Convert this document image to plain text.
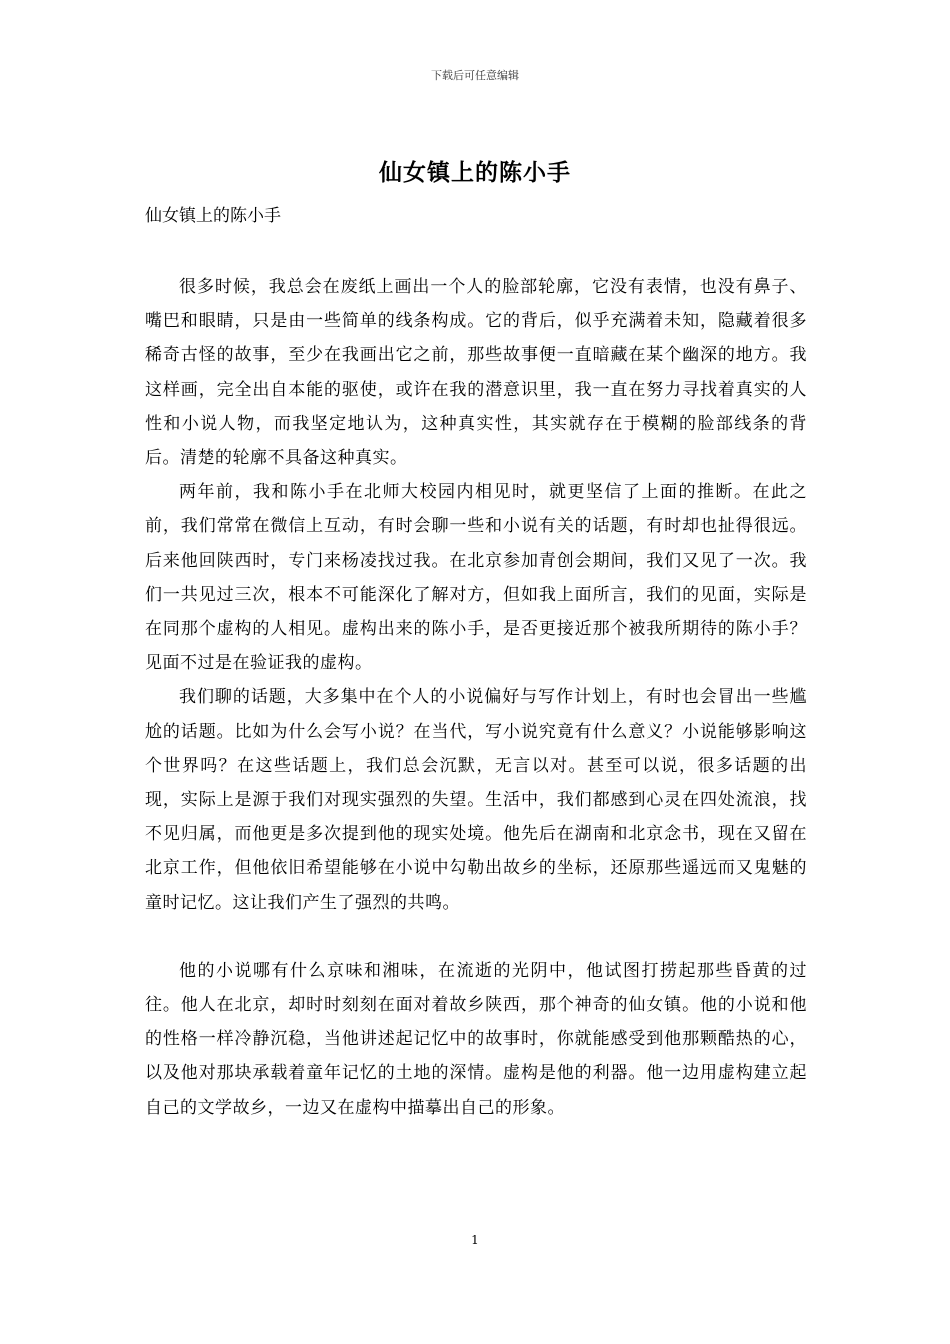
下载后可任意编辑
仙女镇上的陈小手
仙女镇上的陈小手

很多时候，我总会在废纸上画出一个人的脸部轮廓，它没有表情，也没有鼻子、嘴巴和眼睛，只是由一些简单的线条构成。它的背后，似乎充满着未知，隐藏着很多稀奇古怪的故事，至少在我画出它之前，那些故事便一直暗藏在某个幽深的地方。我这样画，完全出自本能的驱使，或许在我的潜意识里，我一直在努力寻找着真实的人性和小说人物，而我坚定地认为，这种真实性，其实就存在于模糊的脸部线条的背后。清楚的轮廓不具备这种真实。

两年前，我和陈小手在北师大校园内相见时，就更坚信了上面的推断。在此之前，我们常常在微信上互动，有时会聊一些和小说有关的话题，有时却也扯得很远。后来他回陕西时，专门来杨凌找过我。在北京参加青创会期间，我们又见了一次。我们一共见过三次，根本不可能深化了解对方，但如我上面所言，我们的见面，实际是在同那个虚构的人相见。虚构出来的陈小手，是否更接近那个被我所期待的陈小手？见面不过是在验证我的虚构。

我们聊的话题，大多集中在个人的小说偏好与写作计划上，有时也会冒出一些尴尬的话题。比如为什么会写小说？在当代，写小说究竟有什么意义？小说能够影响这个世界吗？在这些话题上，我们总会沉默，无言以对。甚至可以说，很多话题的出现，实际上是源于我们对现实强烈的失望。生活中，我们都感到心灵在四处流浪，找不见归属，而他更是多次提到他的现实处境。他先后在湖南和北京念书，现在又留在北京工作，但他依旧希望能够在小说中勾勒出故乡的坐标，还原那些遥远而又鬼魅的童时记忆。这让我们产生了强烈的共鸣。

他的小说哪有什么京味和湘味，在流逝的光阴中，他试图打捞起那些昏黄的过往。他人在北京，却时时刻刻在面对着故乡陕西，那个神奇的仙女镇。他的小说和他的性格一样冷静沉稳，当他讲述起记忆中的故事时，你就能感受到他那颗酷热的心，以及他对那块承载着童年记忆的土地的深情。虚构是他的利器。他一边用虚构建立起自己的文学故乡，一边又在虚构中描摹出自己的形象。

1
